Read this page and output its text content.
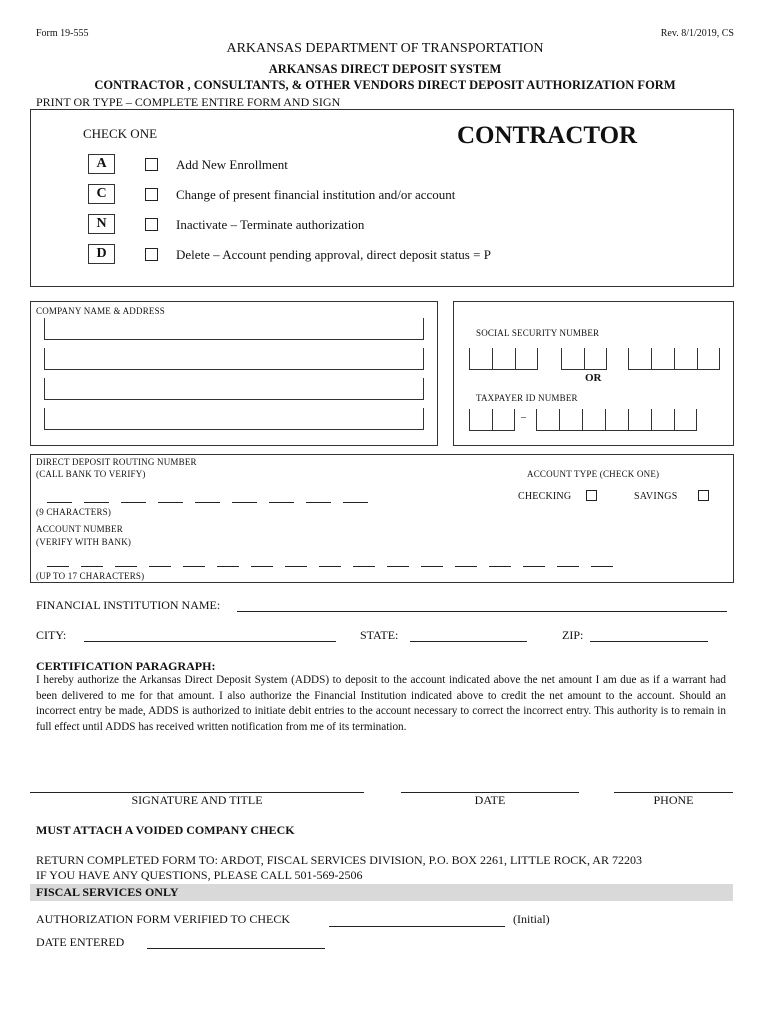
Form 19-555	Rev. 8/1/2019, CS
ARKANSAS DEPARTMENT OF TRANSPORTATION
ARKANSAS DIRECT DEPOSIT SYSTEM
CONTRACTOR , CONSULTANTS, & OTHER VENDORS DIRECT DEPOSIT AUTHORIZATION FORM
PRINT OR TYPE – COMPLETE ENTIRE FORM AND SIGN
CHECK ONE	CONTRACTOR
A	Add New Enrollment
C	Change of present financial institution and/or account
N	Inactivate – Terminate authorization
D	Delete – Account pending approval, direct deposit status = P
COMPANY NAME & ADDRESS
SOCIAL SECURITY NUMBER
OR
TAXPAYER ID NUMBER
–
DIRECT DEPOSIT ROUTING NUMBER
(CALL BANK TO VERIFY)
(9 CHARACTERS)
ACCOUNT TYPE (CHECK ONE)
CHECKING	SAVINGS
ACCOUNT NUMBER
(VERIFY WITH BANK)
(UP TO 17 CHARACTERS)
FINANCIAL INSTITUTION NAME:
CITY:	STATE:	ZIP:
CERTIFICATION PARAGRAPH:
I hereby authorize the Arkansas Direct Deposit System (ADDS) to deposit to the account indicated above the net amount I am due as if a warrant had been delivered to me for that amount. I also authorize the Financial Institution indicated above to credit the net amount to the account. Should an incorrect entry be made, ADDS is authorized to initiate debit entries to the account necessary to correct the incorrect entry. This authority is to remain in full effect until ADDS has received written notification from me of its termination.
SIGNATURE AND TITLE	DATE	PHONE
MUST ATTACH A VOIDED COMPANY CHECK
RETURN COMPLETED FORM TO: ARDOT, FISCAL SERVICES DIVISION, P.O. BOX 2261, LITTLE ROCK, AR 72203
IF YOU HAVE ANY QUESTIONS, PLEASE CALL 501-569-2506
FISCAL SERVICES ONLY
AUTHORIZATION FORM VERIFIED TO CHECK	(Initial)
DATE ENTERED
